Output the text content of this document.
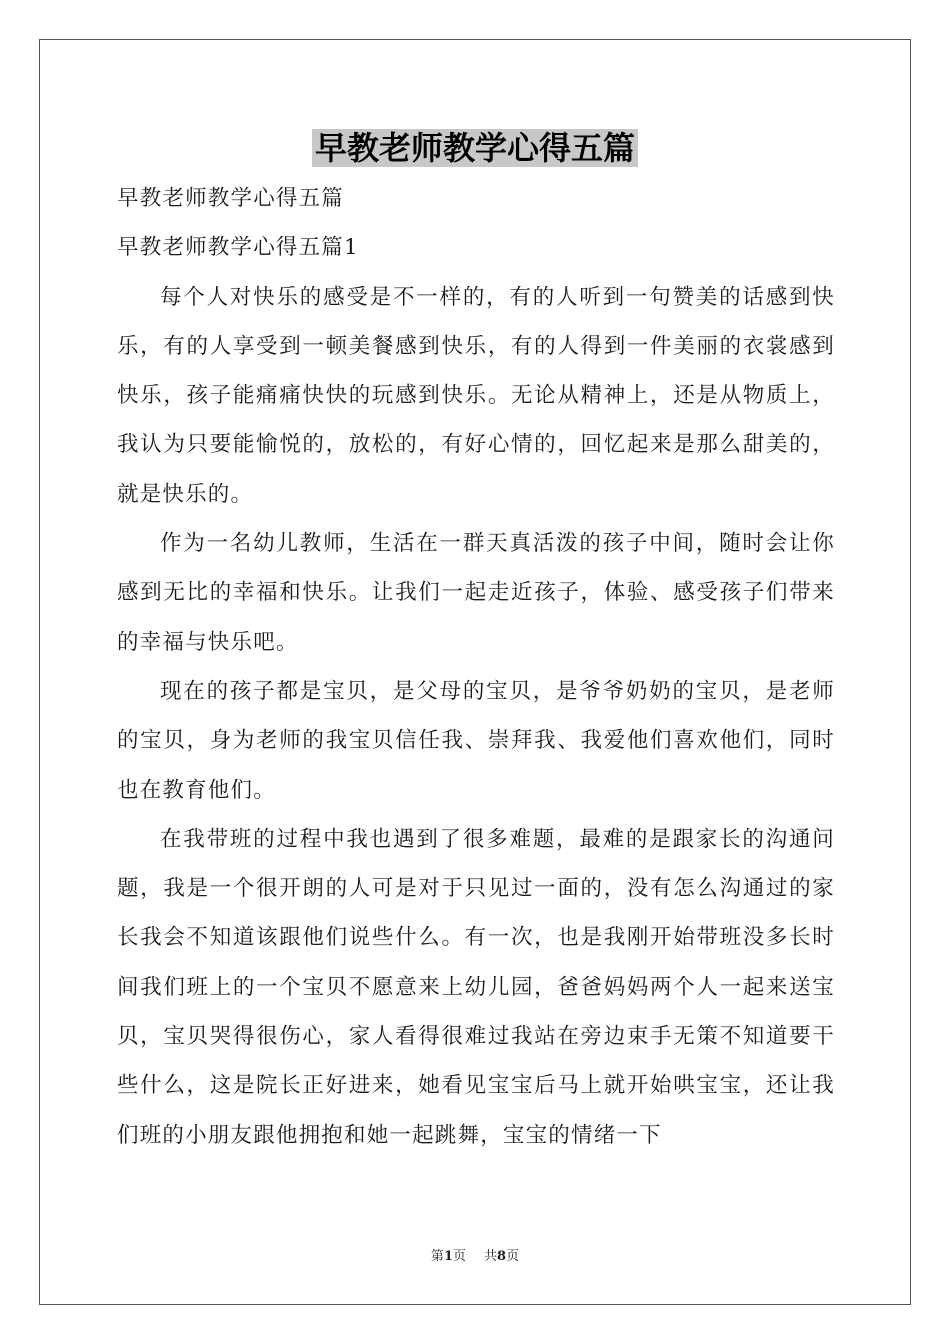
早教老师教学心得五篇
早教老师教学心得五篇
早教老师教学心得五篇1

每个人对快乐的感受是不一样的，有的人听到一句赞美的话感到快乐，有的人享受到一顿美餐感到快乐，有的人得到一件美丽的衣裳感到快乐，孩子能痛痛快快的玩感到快乐。无论从精神上，还是从物质上，我认为只要能愉悦的，放松的，有好心情的，回忆起来是那么甜美的，就是快乐的。

作为一名幼儿教师，生活在一群天真活泼的孩子中间，随时会让你感到无比的幸福和快乐。让我们一起走近孩子，体验、感受孩子们带来的幸福与快乐吧。

现在的孩子都是宝贝，是父母的宝贝，是爷爷奶奶的宝贝，是老师的宝贝，身为老师的我宝贝信任我、崇拜我、我爱他们喜欢他们，同时也在教育他们。

在我带班的过程中我也遇到了很多难题，最难的是跟家长的沟通问题，我是一个很开朗的人可是对于只见过一面的，没有怎么沟通过的家长我会不知道该跟他们说些什么。有一次，也是我刚开始带班没多长时间我们班上的一个宝贝不愿意来上幼儿园，爸爸妈妈两个人一起来送宝贝，宝贝哭得很伤心，家人看得很难过我站在旁边束手无策不知道要干些什么，这是院长正好进来，她看见宝宝后马上就开始哄宝宝，还让我们班的小朋友跟他拥抱和她一起跳舞，宝宝的情绪一下

第1页 共8页
